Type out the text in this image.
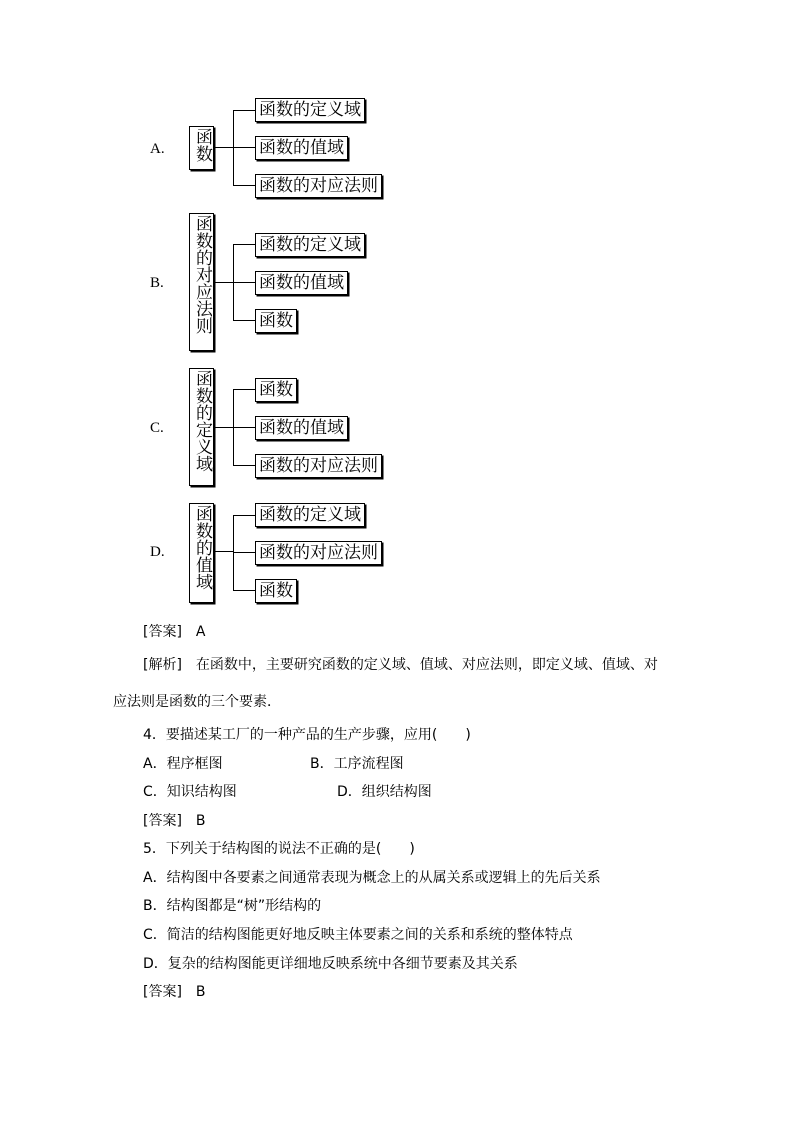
A. 函数
函数的定义域
函数的值域
函数的对应法则
B. 函数的对应法则	函数的定义域
函数的值域
函数
C. 函数的定义域	函数
函数的值域
函数的对应法则
D. 函数的值域	函数的定义域
函数的对应法则
函数
[答案]　A
[解析]　在函数中，主要研究函数的定义域、值域、对应法则，即定义域、值域、对
应法则是函数的三个要素．
4．要描述某工厂的一种产品的生产步骤，应用(　　)
A．程序框图	B．工序流程图
C．知识结构图	D．组织结构图
[答案]　B
5．下列关于结构图的说法不正确的是(　　)
A．结构图中各要素之间通常表现为概念上的从属关系或逻辑上的先后关系
B．结构图都是“树”形结构的
C．简洁的结构图能更好地反映主体要素之间的关系和系统的整体特点
D．复杂的结构图能更详细地反映系统中各细节要素及其关系
[答案]　B
